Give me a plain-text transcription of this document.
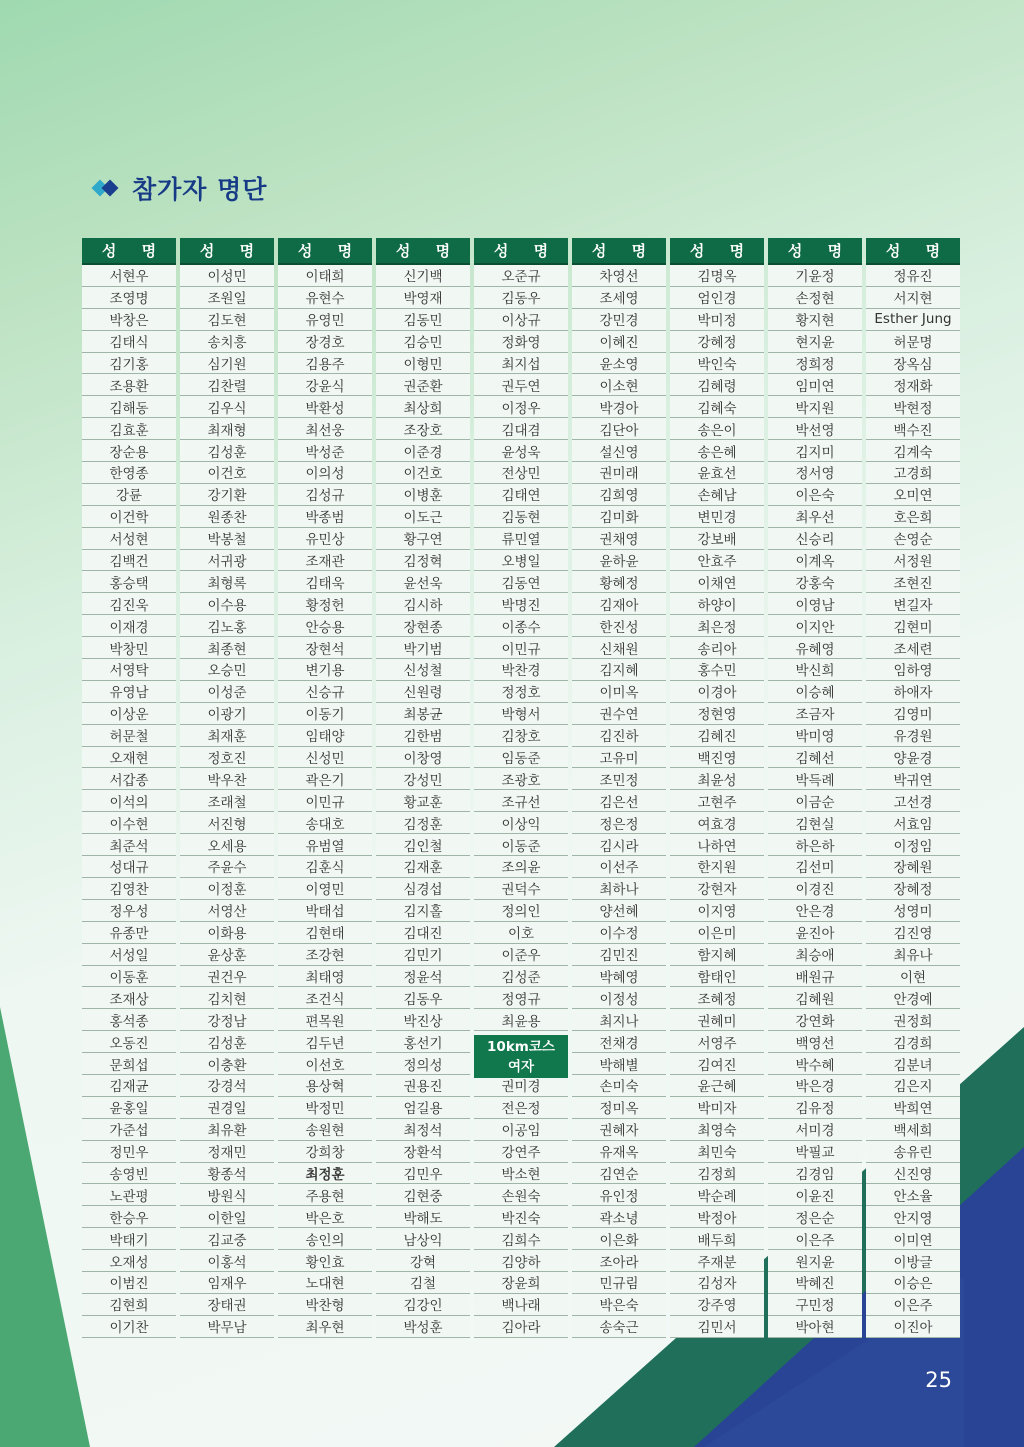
참가자 명단
성 명
서현우
조영명
박창은
김태식
김기홍
조용환
김해동
김효훈
장순용
한영종
강륜
이건학
서성현
김백건
홍승택
김진욱
이재경
박창민
서영탁
유영남
이상운
허문철
오재현
서갑종
이석의
이수현
최준석
성대규
김영찬
정우성
유종만
서성일
이동훈
조재상
홍석종
오동진
문희섭
김재균
윤홍일
가준섭
정민우
송영빈
노관평
한승우
박태기
오재성
이범진
김현희
이기찬
성 명
이성민
조원일
김도현
송치흥
심기원
김찬렬
김우식
최재형
김성훈
이건호
강기환
원종찬
박봉철
서귀광
최형록
이수용
김노홍
최종현
오승민
이성준
이광기
최재훈
정호진
박우찬
조래철
서진형
오세용
주윤수
이정훈
서영산
이화용
윤상훈
권건우
김치현
강정남
김성훈
이충환
강경석
권경일
최유환
정재민
황종석
방원식
이한일
김교중
이홍석
임재우
장태권
박무남
성 명
이태희
유현수
유영민
장경호
김용주
강윤식
박환성
최선웅
박성준
이의성
김성규
박종범
유민상
조재관
김태욱
황정헌
안승용
장현석
변기용
신승규
이동기
임태양
신성민
곽은기
이민규
송대호
유범열
김훈식
이영민
박태섭
김현태
조강현
최태영
조건식
편목원
김두년
이선호
용상혁
박정민
송원현
강희창
최정훈
주용현
박은호
송인의
황인효
노대현
박찬형
최우현
성 명
신기백
박영재
김동민
김승민
이형민
권준환
최상희
조장호
이준경
이건호
이병훈
이도근
황구연
김정혁
윤선욱
김시하
장현종
박기범
신성철
신원령
최봉균
김한범
이창영
강성민
황교훈
김정훈
김인철
김재훈
심경섭
김지홀
김대진
김민기
정윤석
김동우
박진상
홍선기
정의성
권용진
엄길용
최정석
장환석
김민우
김현중
박해도
남상익
강혁
김철
김강인
박성훈
성 명
오준규
김동우
이상규
정화영
최지섭
권두연
이정우
김대겸
윤성욱
전상민
김태연
김동현
류민열
오병일
김동연
박명진
이종수
이민규
박찬경
정정호
박형서
김창호
임동준
조광호
조규선
이상익
이동준
조의윤
권덕수
정의인
이호
이준우
김성준
정영규
최윤용
권미경
전은정
이공임
강연주
박소현
손원숙
박진숙
김희수
김양하
장윤희
백나래
김아라
성 명
차영선
조세영
강민경
이혜진
윤소영
이소현
박경아
김단아
설신영
권미래
김희영
김미화
권채영
윤하윤
황혜정
김재아
한진성
신채원
김지혜
이미옥
권수연
김진하
고유미
조민정
김은선
정은정
김시라
이선주
최하나
양선혜
이수정
김민진
박혜영
이정성
최지나
전채경
박해별
손미숙
정미옥
권혜자
유재옥
김연순
유인정
곽소녕
이은화
조아라
민규림
박은숙
송숙근
성 명
김명옥
엄인경
박미정
강혜정
박인숙
김혜령
김혜숙
송은이
송은혜
윤효선
손혜남
변민경
강보배
안효주
이채연
하양이
최은정
송리아
홍수민
이경아
정현영
김혜진
백진영
최윤성
고현주
여효경
나하연
한지원
강현자
이지영
이은미
함지혜
함태인
조혜정
권혜미
서영주
김여진
윤근혜
박미자
최영숙
최민숙
김정희
박순례
박정아
배두희
주재분
김성자
강주영
김민서
성 명
기윤정
손정현
황지현
현지윤
정희정
임미연
박지원
박선영
김지미
정서영
이은숙
최우선
신승리
이계옥
강홍숙
이영남
이지안
유혜영
박신희
이승혜
조금자
박미영
김혜선
박득례
이금순
김현실
하은하
김선미
이경진
안은경
윤진아
최승애
배원규
김혜원
강연화
백영선
박수혜
박은경
김유정
서미경
박필교
김경임
이윤진
정은순
이은주
원지윤
박혜진
구민정
박아현
성 명
정유진
서지현
Esther Jung
허문명
장옥심
정재화
박현정
백수진
김계숙
고경희
오미연
호은희
손영순
서정원
조현진
변길자
김현미
조세련
임하영
하애자
김영미
유경원
양윤경
박귀연
고선경
서효임
이정임
장혜원
장혜정
성영미
김진영
최유나
이현
안경예
권정희
김경희
김분녀
김은지
박희연
백세희
송유린
신진영
안소율
안지영
이미연
이방글
이승은
이은주
이진아
10km코스
여자
25
